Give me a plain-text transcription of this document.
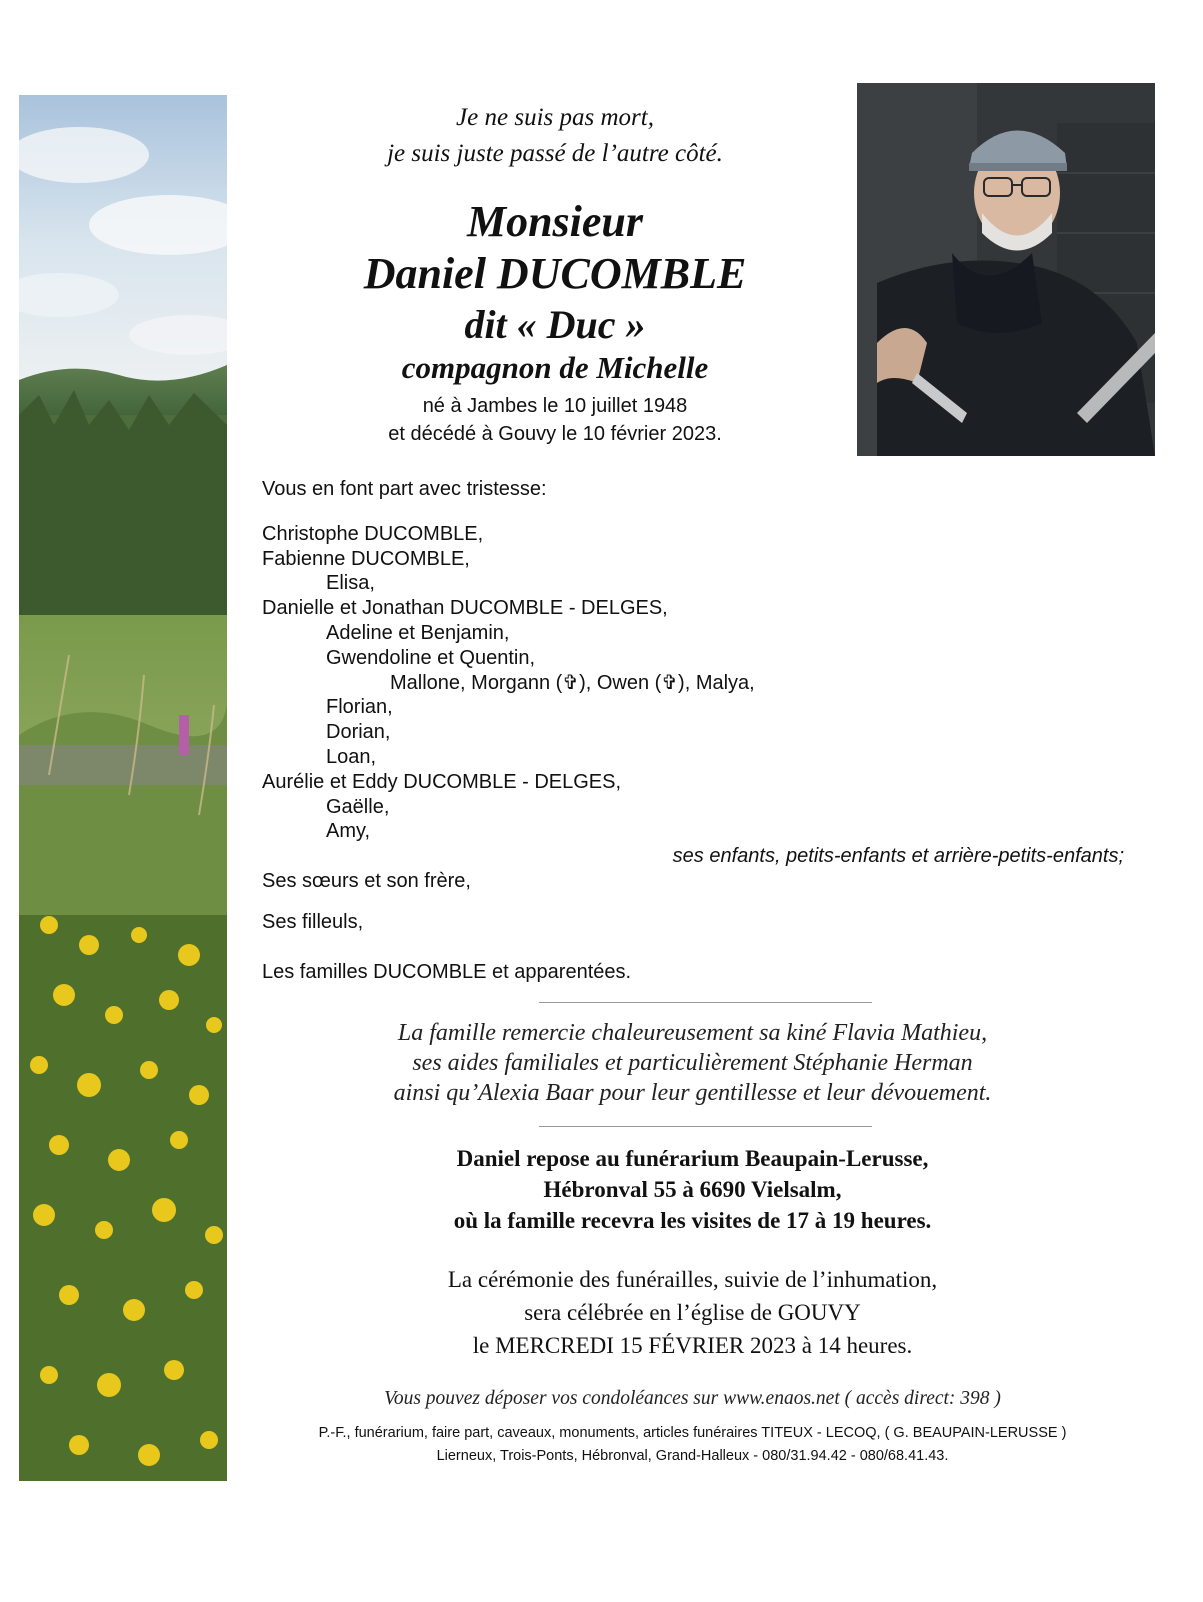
Je ne suis pas mort,
je suis juste passé de l’autre côté.
Monsieur
Daniel DUCOMBLE
dit « Duc »
compagnon de Michelle
né à Jambes le 10 juillet 1948
et décédé à Gouvy le 10 février 2023.
Vous en font part avec tristesse:
Christophe DUCOMBLE,
Fabienne DUCOMBLE,
Elisa,
Danielle et Jonathan DUCOMBLE - DELGES,
Adeline et Benjamin,
Gwendoline et Quentin,
Mallone, Morgann (✞), Owen (✞), Malya,
Florian,
Dorian,
Loan,
Aurélie et Eddy DUCOMBLE - DELGES,
Gaëlle,
Amy,
ses enfants, petits-enfants et arrière-petits-enfants;
Ses sœurs et son frère,
Ses filleuls,
Les familles DUCOMBLE et apparentées.
La famille remercie chaleureusement sa kiné Flavia Mathieu,
ses aides familiales et particulièrement Stéphanie Herman
ainsi qu’Alexia Baar pour leur gentillesse et leur dévouement.
Daniel repose au funérarium Beaupain-Lerusse,
Hébronval 55 à 6690 Vielsalm,
où la famille recevra les visites de 17 à 19 heures.
La cérémonie des funérailles, suivie de l’inhumation,
sera célébrée en l’église de GOUVY
le MERCREDI 15 FÉVRIER 2023 à 14 heures.
Vous pouvez déposer vos condoléances sur www.enaos.net ( accès direct: 398 )
P.-F., funérarium, faire part, caveaux, monuments, articles funéraires TITEUX - LECOQ, ( G. BEAUPAIN-LERUSSE )
Lierneux, Trois-Ponts, Hébronval, Grand-Halleux - 080/31.94.42 - 080/68.41.43.
